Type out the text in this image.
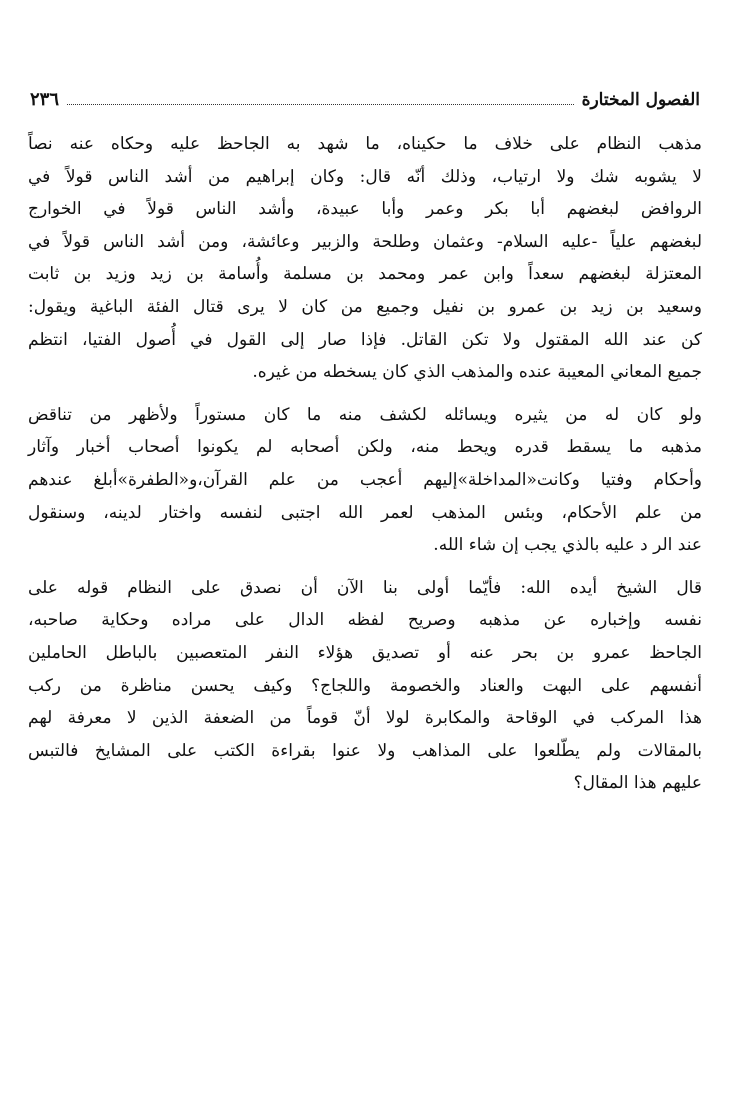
الفصول المختارة
٢٣٦

مذهب النظام على خلاف ما حكيناه، ما شهد به الجاحظ عليه وحكاه عنه نصاً
لا يشوبه شك ولا ارتياب، وذلك أنّه قال: وكان إبراهيم من أشد الناس قولاً في
الروافض لبغضهم أبا بكر وعمر وأبا عبيدة، وأشد الناس قولاً في الخوارج
لبغضهم علياً -عليه السلام- وعثمان وطلحة والزبير وعائشة، ومن أشد الناس قولاً في
المعتزلة لبغضهم سعداً وابن عمر ومحمد بن مسلمة وأُسامة بن زيد وزيد بن ثابت
وسعيد بن زيد بن عمرو بن نفيل وجميع من كان لا يرى قتال الفئة الباغية ويقول:
كن عند الله المقتول ولا تكن القاتل. فإذا صار إلى القول في أُصول الفتيا، انتظم
جميع المعاني المعيبة عنده والمذهب الذي كان يسخطه من غيره.

ولو كان له من يثيره ويسائله لكشف منه ما كان مستوراً ولأظهر من تناقض
مذهبه ما يسقط قدره ويحط منه، ولكن أصحابه لم يكونوا أصحاب أخبار وآثار
وأحكام وفتيا وكانت«المداخلة»إليهم أعجب من علم القرآن،و«الطفرة»أبلغ عندهم
من علم الأحكام، وبئس المذهب لعمر الله اجتبى لنفسه واختار لدينه، وسنقول
عند الر د عليه بالذي يجب إن شاء الله.

قال الشيخ أيده الله: فأيّما أولى بنا الآن أن نصدق على النظام قوله على
نفسه وإخباره عن مذهبه وصريح لفظه الدال على مراده وحكاية صاحبه،
الجاحظ عمرو بن بحر عنه أو تصديق هؤلاء النفر المتعصبين بالباطل الحاملين
أنفسهم على البهت والعناد والخصومة واللجاج؟ وكيف يحسن مناظرة من ركب
هذا المركب في الوقاحة والمكابرة لولا أنّ قوماً من الضعفة الذين لا معرفة لهم
بالمقالات ولم يطّلعوا على المذاهب ولا عنوا بقراءة الكتب على المشايخ فالتبس
عليهم هذا المقال؟
